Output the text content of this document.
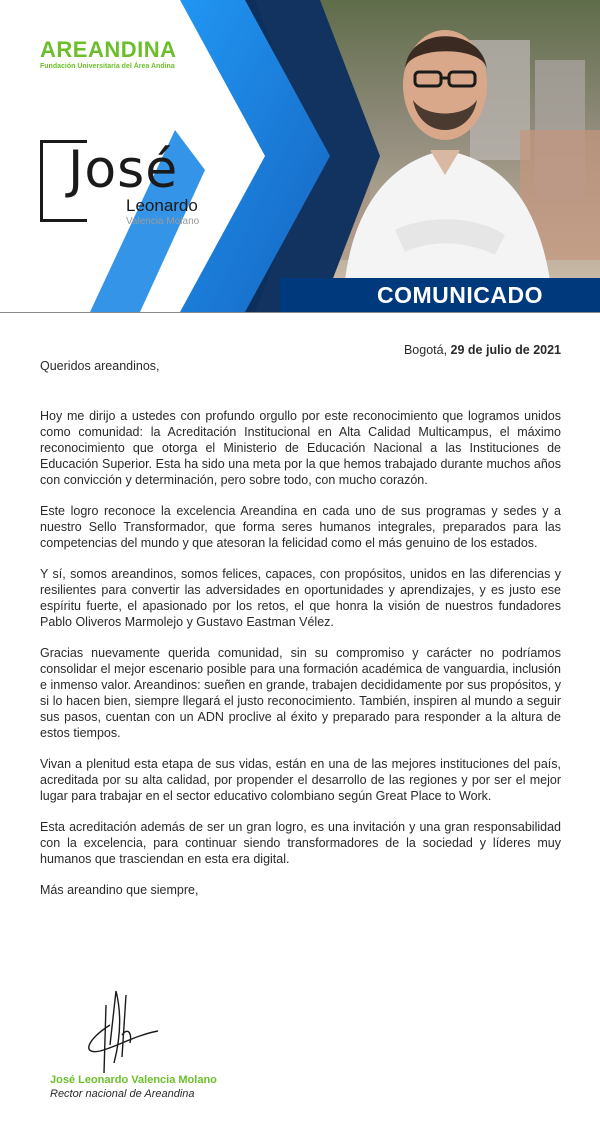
AREANDINA
Fundación Universitaria del Área Andina
José
Leonardo
Valencia Molano
COMUNICADO
Bogotá, 29 de julio de 2021

Queridos areandinos,

Hoy me dirijo a ustedes con profundo orgullo por este reconocimiento que logramos unidos como comunidad: la Acreditación Institucional en Alta Calidad Multicampus, el máximo reconocimiento que otorga el Ministerio de Educación Nacional a las Instituciones de Educación Superior. Esta ha sido una meta por la que hemos trabajado durante muchos años con convicción y determinación, pero sobre todo, con mucho corazón.

Este logro reconoce la excelencia Areandina en cada uno de sus programas y sedes y a nuestro Sello Transformador, que forma seres humanos integrales, preparados para las competencias del mundo y que atesoran la felicidad como el más genuino de los estados.

Y sí, somos areandinos, somos felices, capaces, con propósitos, unidos en las diferencias y resilientes para convertir las adversidades en oportunidades y aprendizajes, y es justo ese espíritu fuerte, el apasionado por los retos, el que honra la visión de nuestros fundadores Pablo Oliveros Marmolejo y Gustavo Eastman Vélez.

Gracias nuevamente querida comunidad, sin su compromiso y carácter no podríamos consolidar el mejor escenario posible para una formación académica de vanguardia, inclusión e inmenso valor. Areandinos: sueñen en grande, trabajen decididamente por sus propósitos, y si lo hacen bien, siempre llegará el justo reconocimiento. También, inspiren al mundo a seguir sus pasos, cuentan con un ADN proclive al éxito y preparado para responder a la altura de estos tiempos.

Vivan a plenitud esta etapa de sus vidas, están en una de las mejores instituciones del país, acreditada por su alta calidad, por propender el desarrollo de las regiones y por ser el mejor lugar para trabajar en el sector educativo colombiano según Great Place to Work.

Esta acreditación además de ser un gran logro, es una invitación y una gran responsabilidad con la excelencia, para continuar siendo transformadores de la sociedad y líderes muy humanos que trasciendan en esta era digital.

Más areandino que siempre,

José Leonardo Valencia Molano
Rector nacional de Areandina
